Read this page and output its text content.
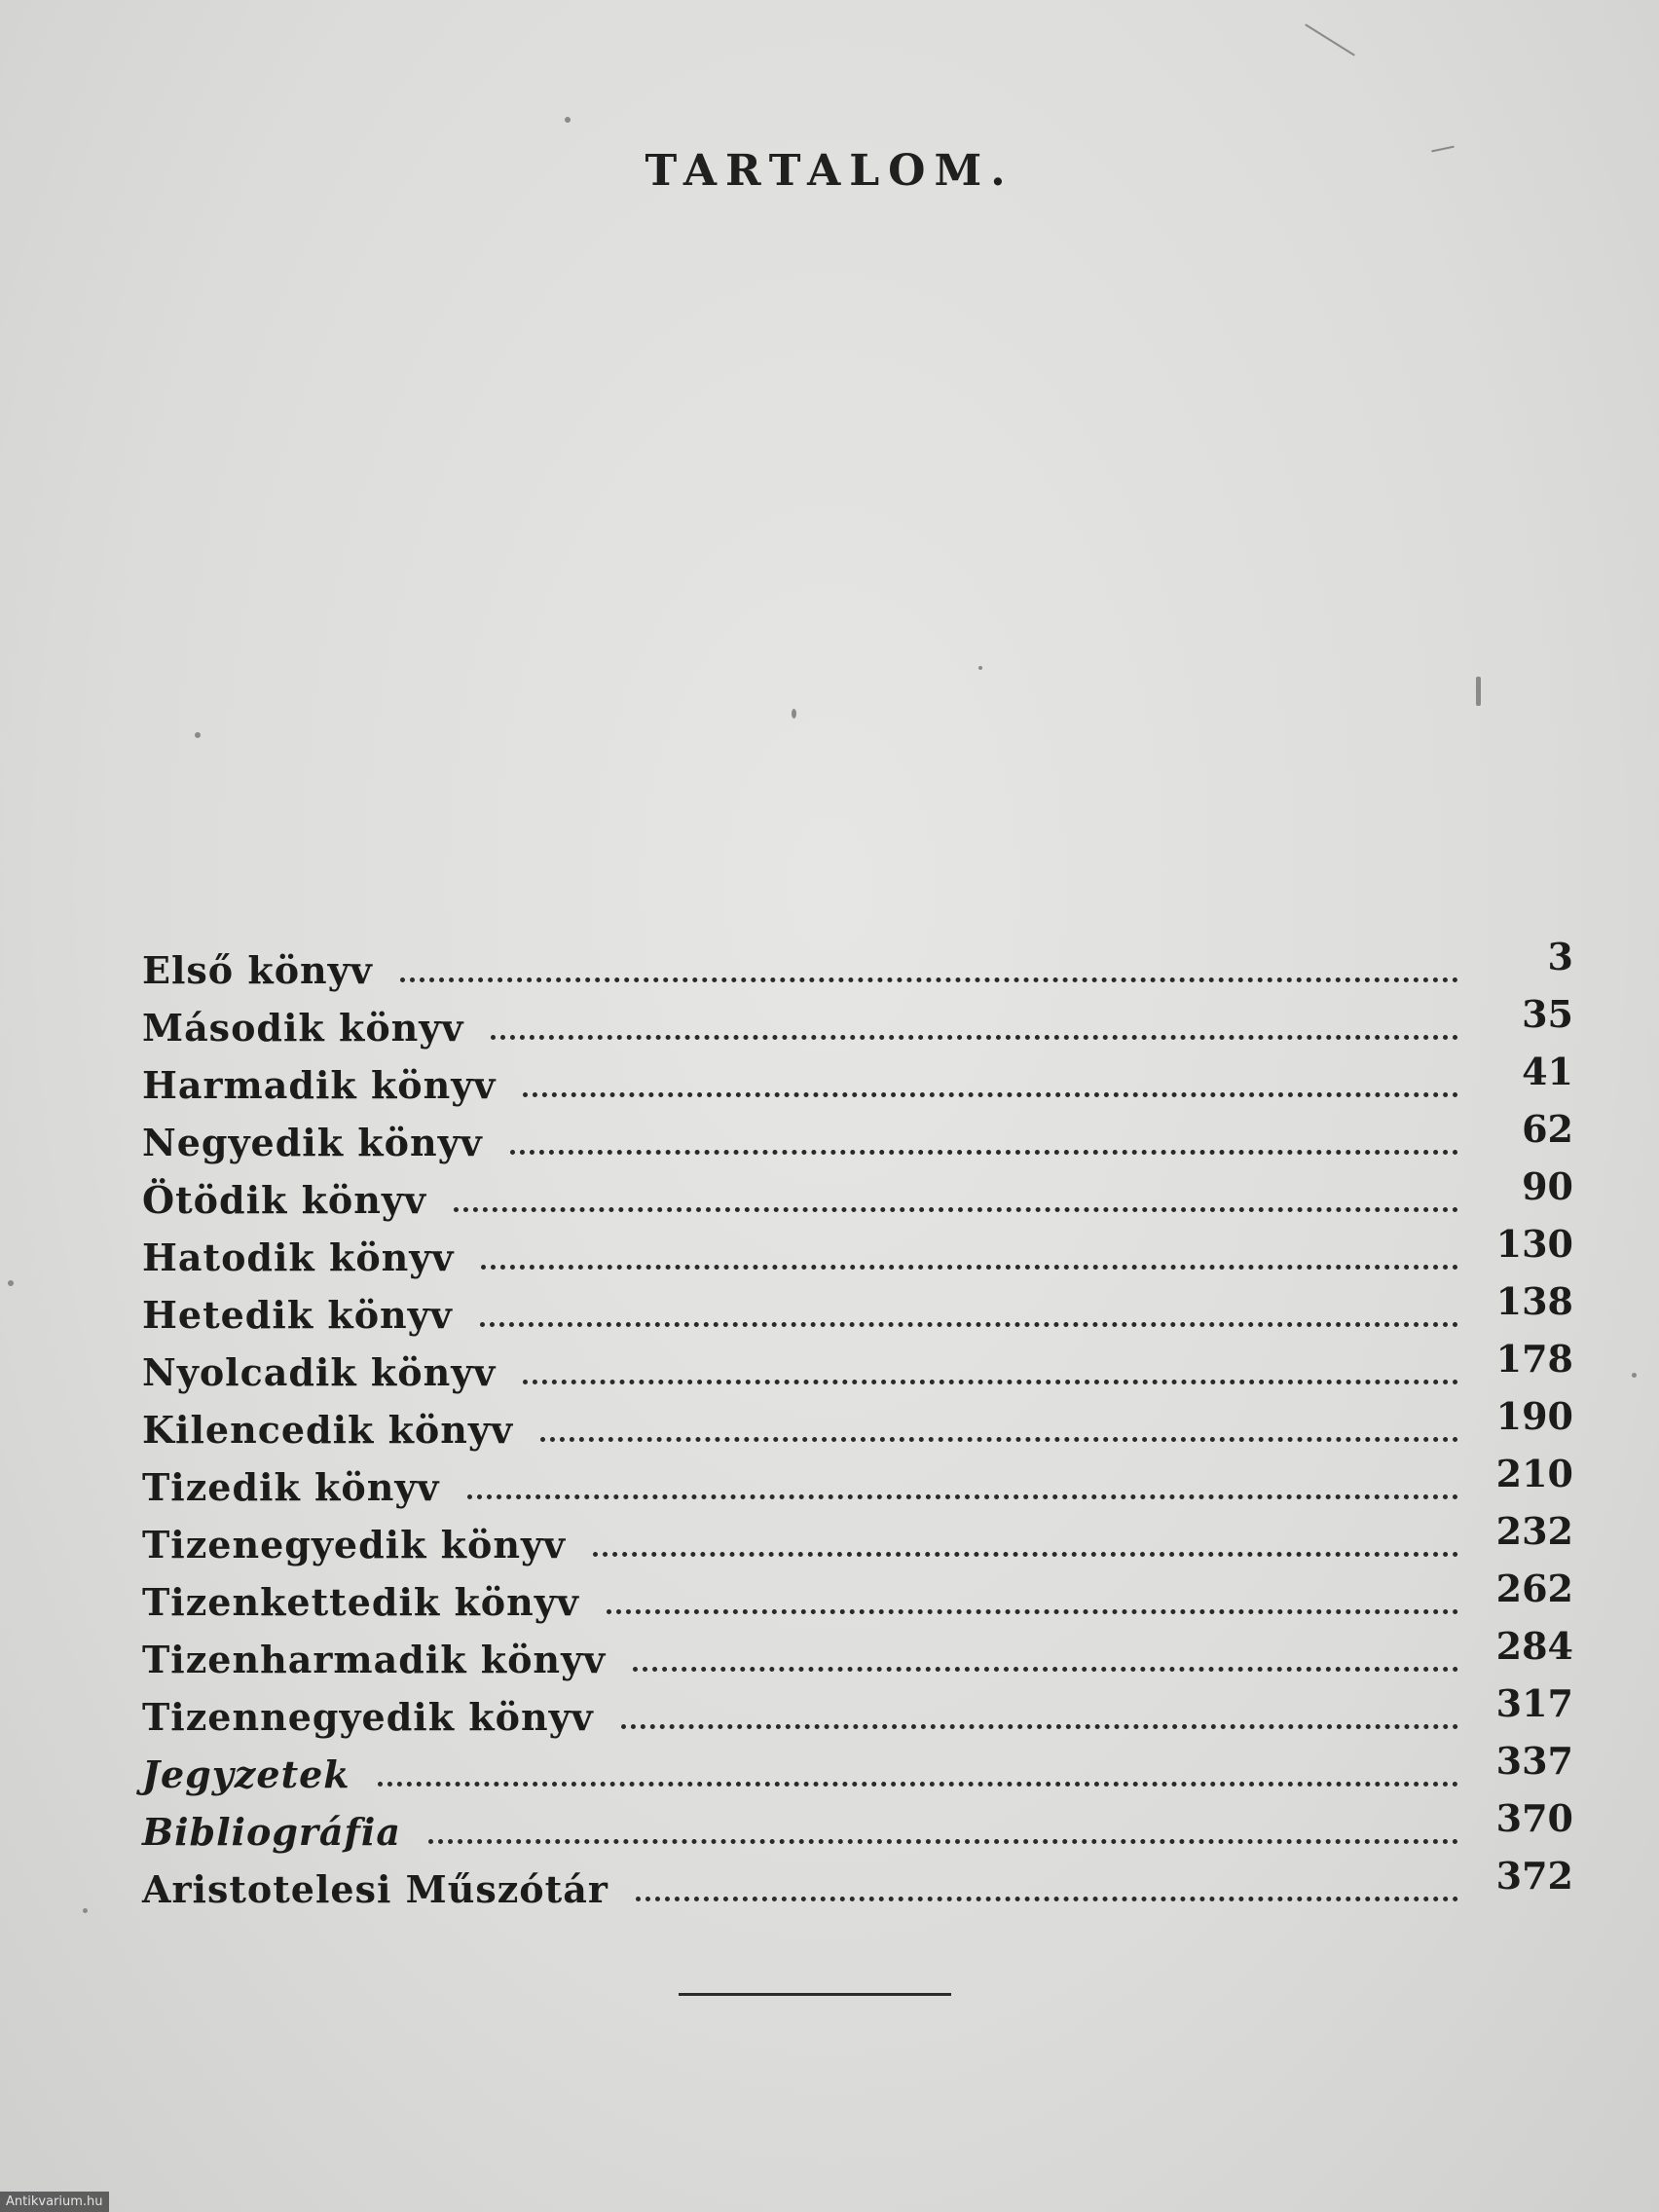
TARTALOM.
Első könyv	3
Második könyv	35
Harmadik könyv	41
Negyedik könyv	62
Ötödik könyv	90
Hatodik könyv	130
Hetedik könyv	138
Nyolcadik könyv	178
Kilencedik könyv	190
Tizedik könyv	210
Tizenegyedik könyv	232
Tizenkettedik könyv	262
Tizenharmadik könyv	284
Tizennegyedik könyv	317
Jegyzetek	337
Bibliográfia	370
Aristotelesi Műszótár	372
Antikvarium.hu
